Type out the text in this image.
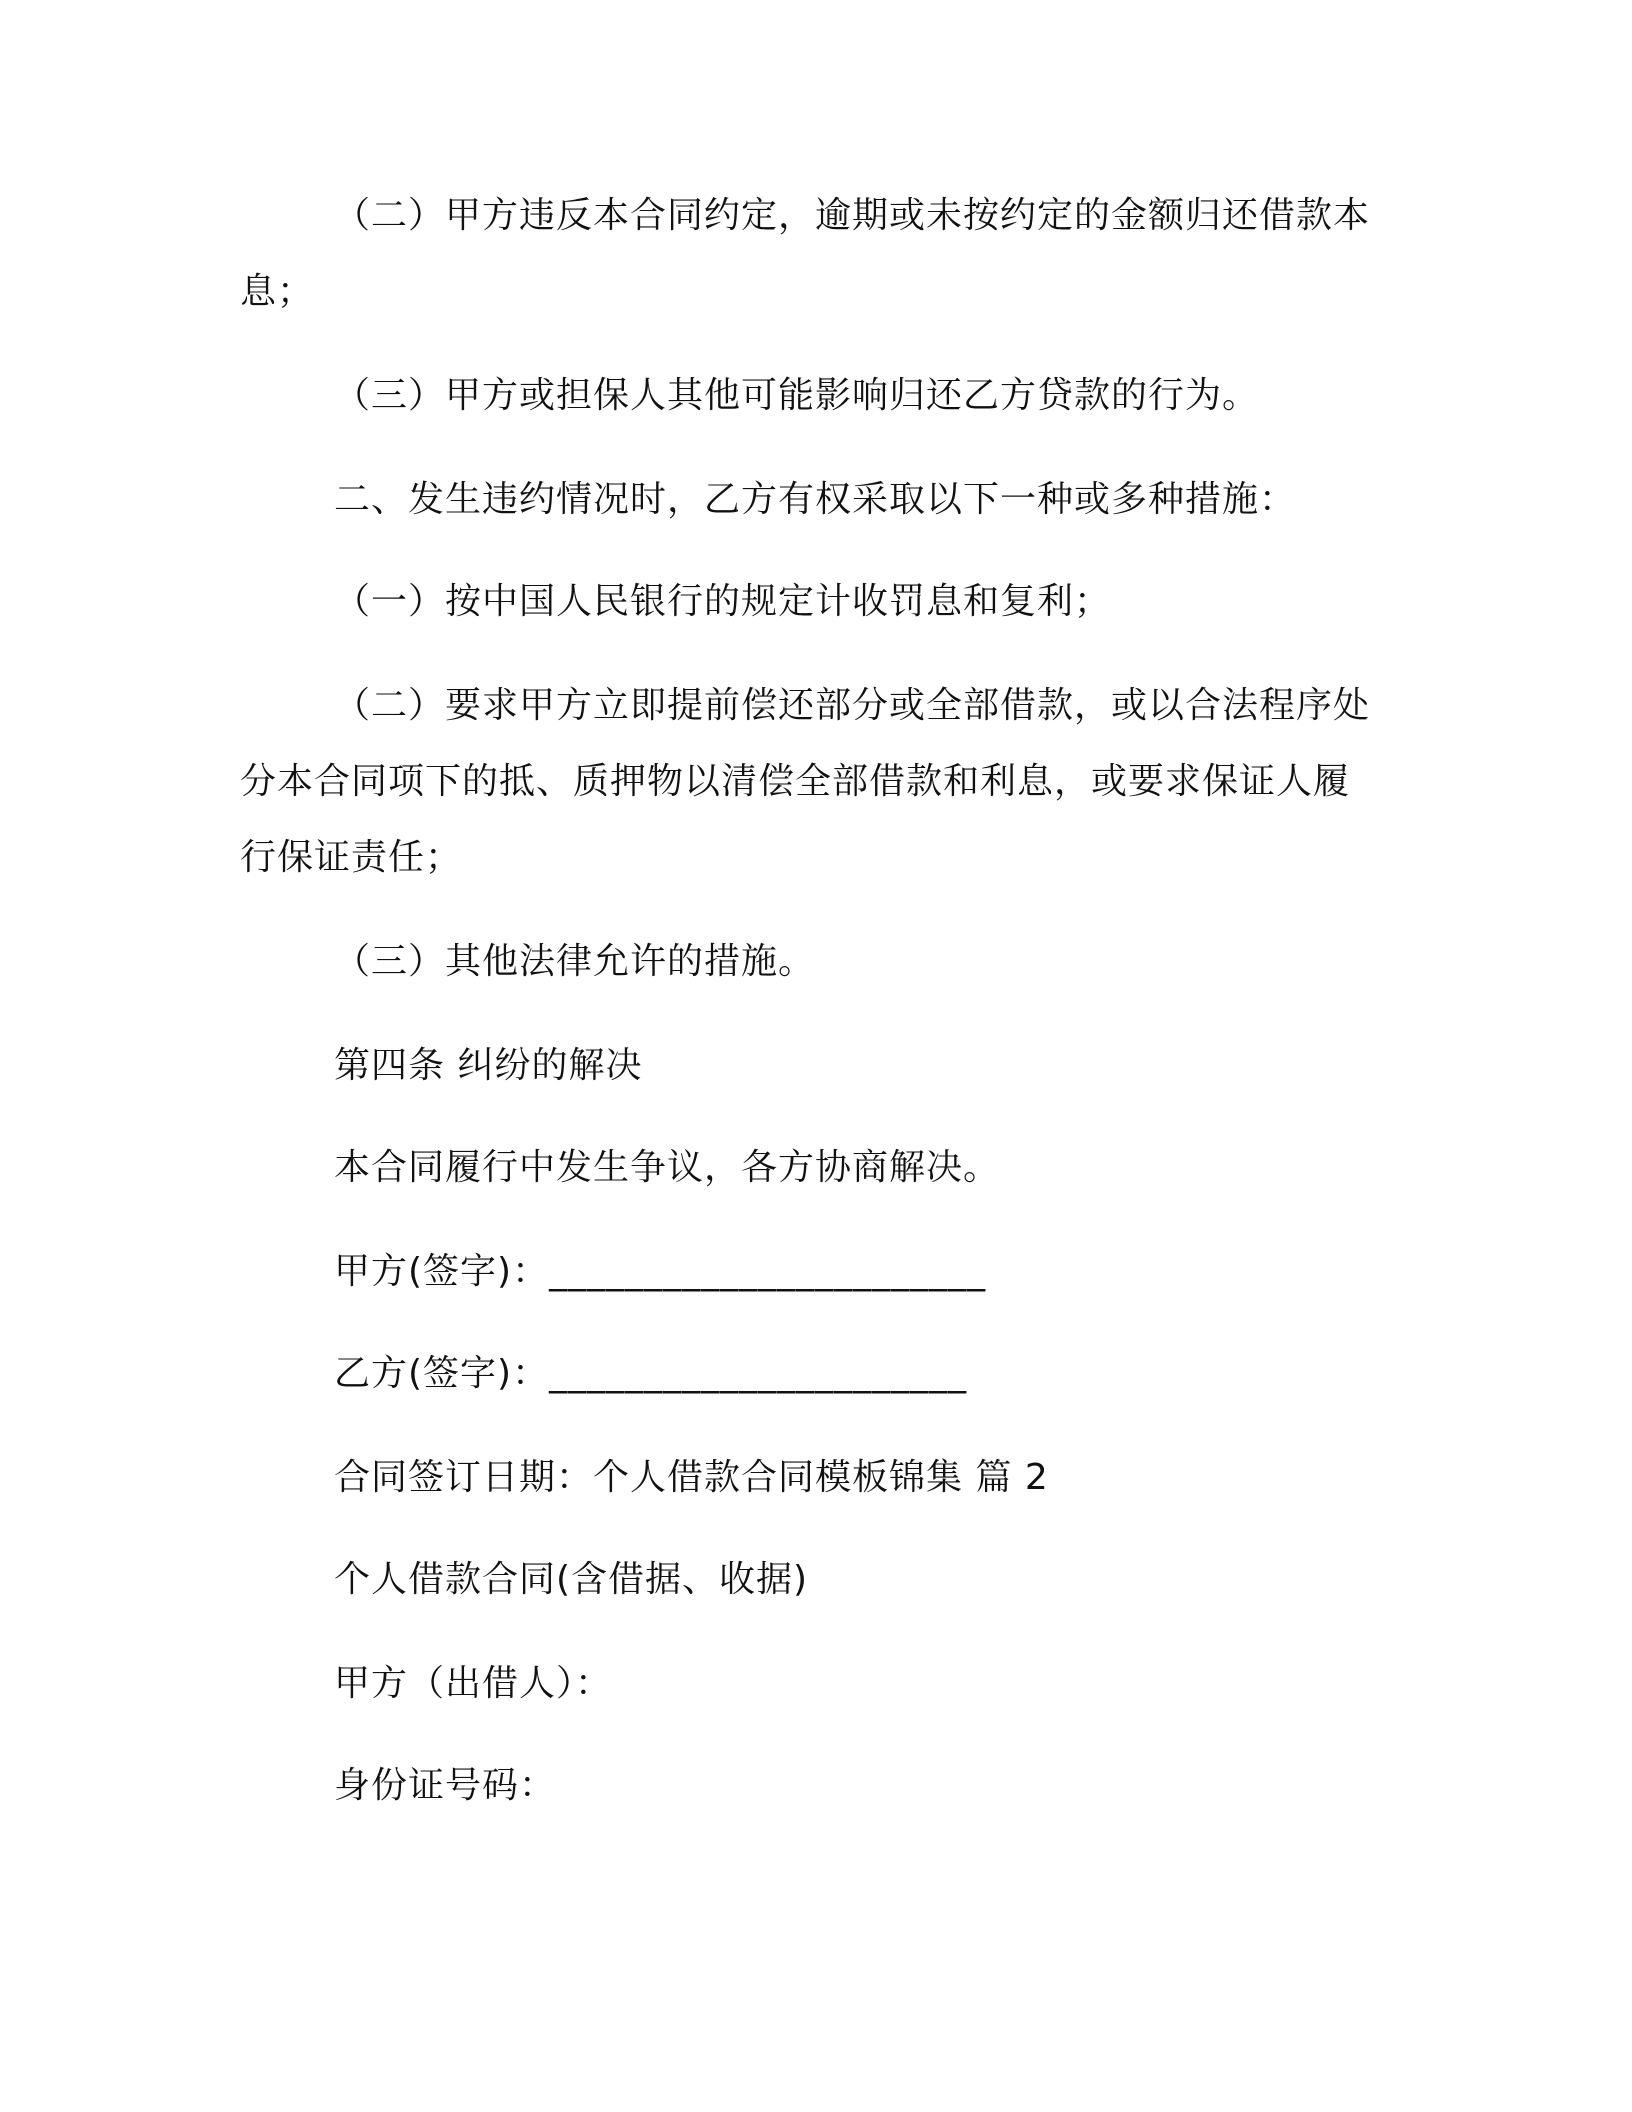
（二）甲方违反本合同约定，逾期或未按约定的金额归还借款本
息；
（三）甲方或担保人其他可能影响归还乙方贷款的行为。
二、发生违约情况时，乙方有权采取以下一种或多种措施：
（一）按中国人民银行的规定计收罚息和复利；
（二）要求甲方立即提前偿还部分或全部借款，或以合法程序处
分本合同项下的抵、质押物以清偿全部借款和利息，或要求保证人履
行保证责任；
（三）其他法律允许的措施。
第四条 纠纷的解决
本合同履行中发生争议，各方协商解决。
甲方(签字)：_______________________
乙方(签字)：______________________
合同签订日期：个人借款合同模板锦集 篇 2
个人借款合同(含借据、收据)
甲方（出借人）：
身份证号码：
